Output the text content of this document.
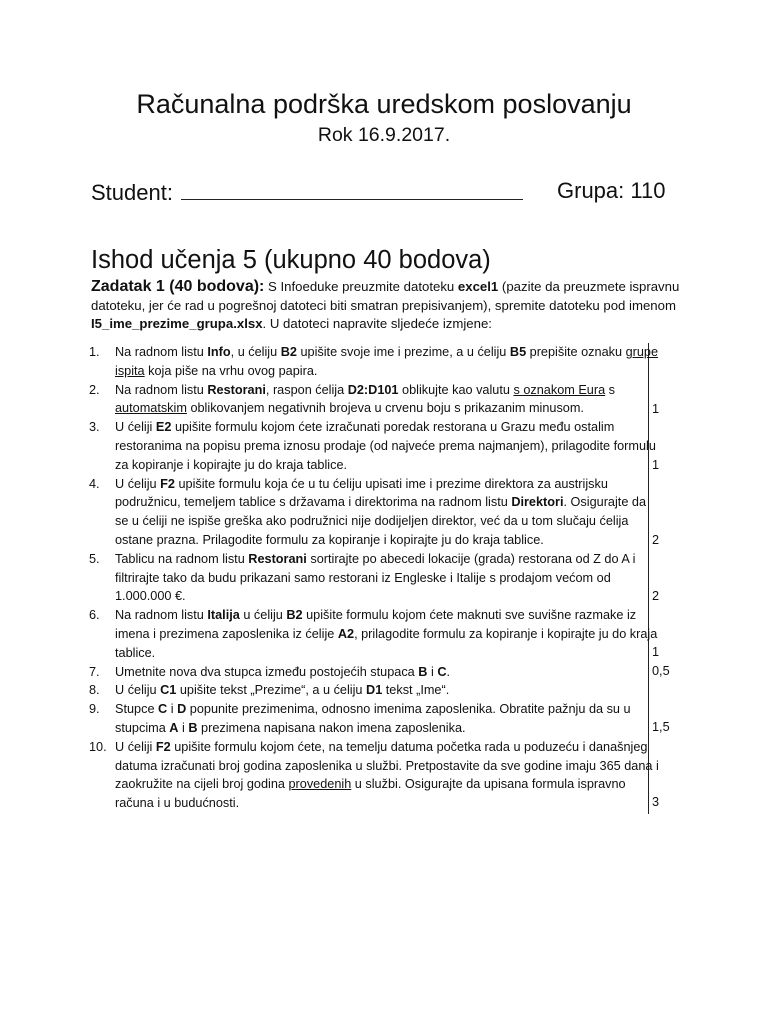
Računalna podrška uredskom poslovanju
Rok 16.9.2017.
Student:	Grupa: 110
Ishod učenja 5 (ukupno 40 bodova)
Zadatak 1 (40 bodova): S Infoeduke preuzmite datoteku excel1 (pazite da preuzmete ispravnu datoteku, jer će rad u pogrešnoj datoteci biti smatran prepisivanjem), spremite datoteku pod imenom I5_ime_prezime_grupa.xlsx. U datoteci napravite sljedeće izmjene:
1. Na radnom listu Info, u ćeliju B2 upišite svoje ime i prezime, a u ćeliju B5 prepišite oznaku grupe ispita koja piše na vrhu ovog papira.
2. Na radnom listu Restorani, raspon ćelija D2:D101 oblikujte kao valutu s oznakom Eura s automatskim oblikovanjem negativnih brojeva u crvenu boju s prikazanim minusom.
3. U ćeliji E2 upišite formulu kojom ćete izračunati poredak restorana u Grazu među ostalim restoranima na popisu prema iznosu prodaje (od najveće prema najmanjem), prilagodite formulu za kopiranje i kopirajte ju do kraja tablice.
4. U ćeliju F2 upišite formulu koja će u tu ćeliju upisati ime i prezime direktora za austrijsku podružnicu, temeljem tablice s državama i direktorima na radnom listu Direktori. Osigurajte da se u ćeliji ne ispiše greška ako podružnici nije dodijeljen direktor, već da u tom slučaju ćelija ostane prazna. Prilagodite formulu za kopiranje i kopirajte ju do kraja tablice.
5. Tablicu na radnom listu Restorani sortirajte po abecedi lokacije (grada) restorana od Z do A i filtrirajte tako da budu prikazani samo restorani iz Engleske i Italije s prodajom većom od 1.000.000 €.
6. Na radnom listu Italija u ćeliju B2 upišite formulu kojom ćete maknuti sve suvišne razmake iz imena i prezimena zaposlenika iz ćelije A2, prilagodite formulu za kopiranje i kopirajte ju do kraja tablice.
7. Umetnite nova dva stupca između postojećih stupaca B i C.
8. U ćeliju C1 upišite tekst „Prezime“, a u ćeliju D1 tekst „Ime“.
9. Stupce C i D popunite prezimenima, odnosno imenima zaposlenika. Obratite pažnju da su u stupcima A i B prezimena napisana nakon imena zaposlenika.
10. U ćeliji F2 upišite formulu kojom ćete, na temelju datuma početka rada u poduzeću i današnjeg datuma izračunati broj godina zaposlenika u službi. Pretpostavite da sve godine imaju 365 dana i zaokružite na cijeli broj godina provedenih u službi. Osigurajte da upisana formula ispravno računa i u budućnosti.
1
1
2
2
1
0,5
1,5
3
